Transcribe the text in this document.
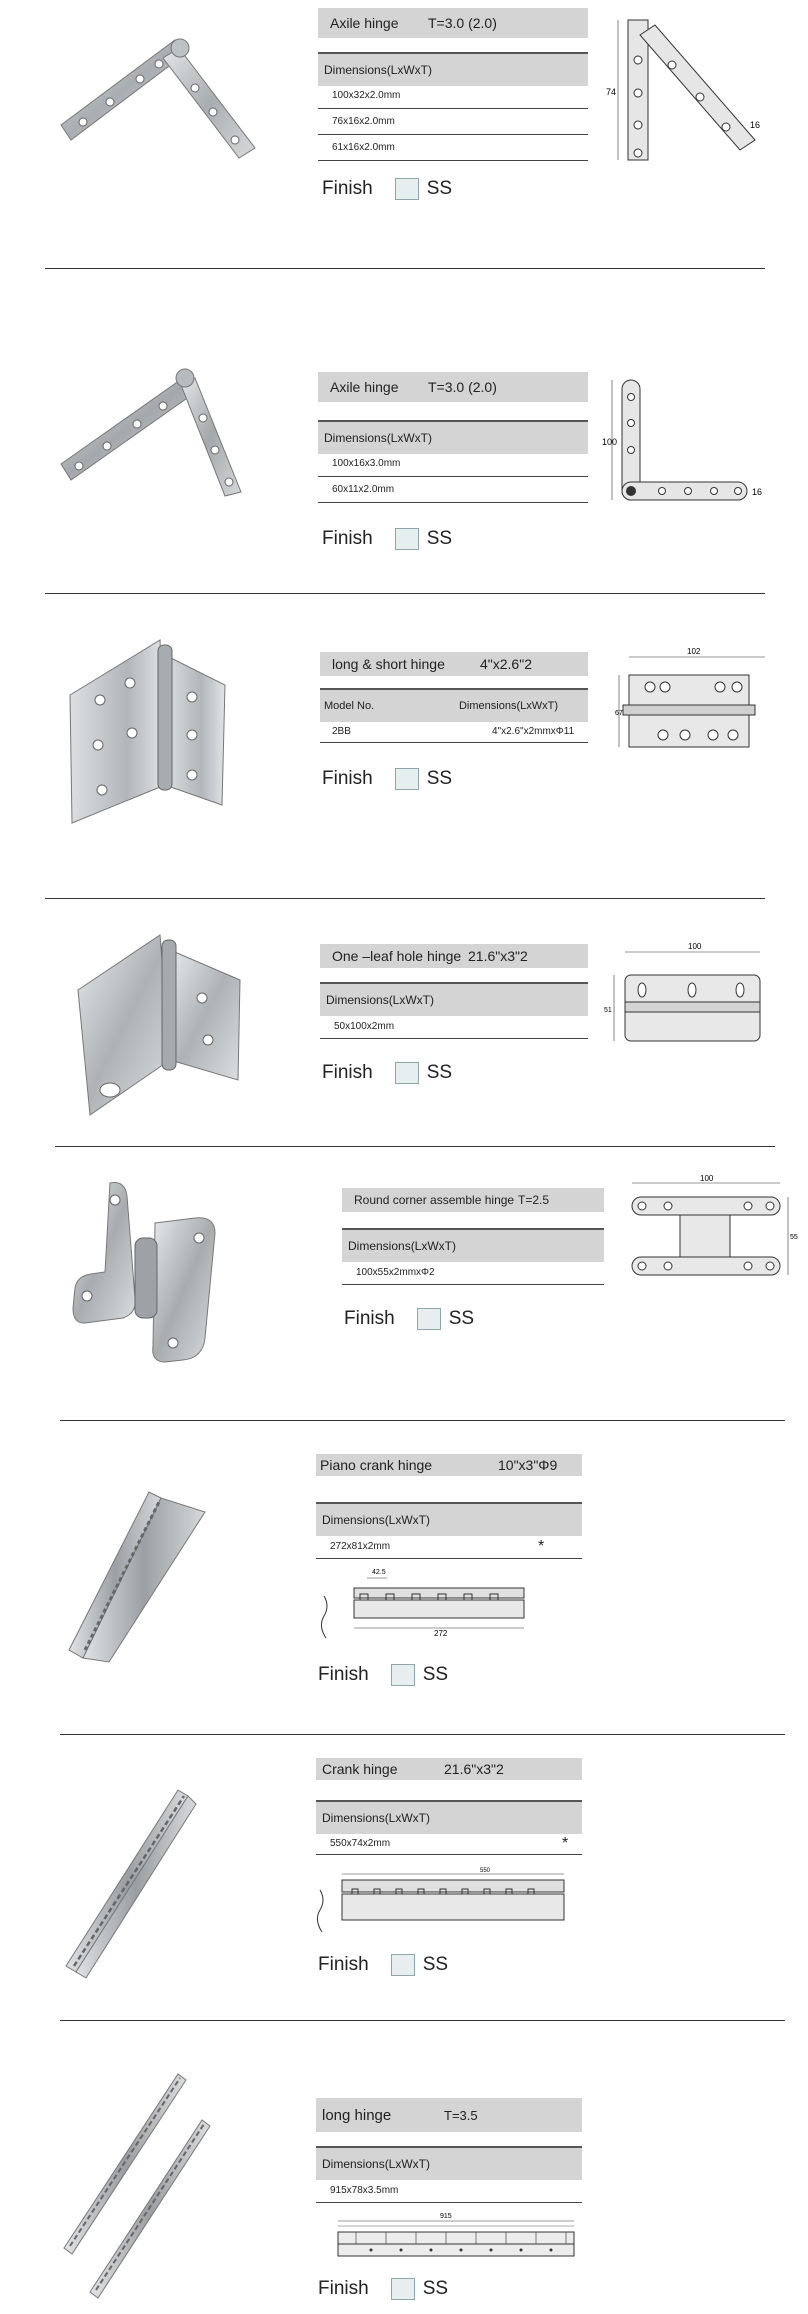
Axile hinge T=3.0 (2.0)
Dimensions(LxWxT)
100x32x2.0mm
76x16x2.0mm
61x16x2.0mm
Finish	SS
74
16
Axile hinge T=3.0 (2.0)
Dimensions(LxWxT)
100x16x3.0mm
60x11x2.0mm
Finish	SS
100
16
long & short hinge	4"x2.6"2
Model No.	Dimensions(LxWxT)
2BB	4"x2.6"x2mmxΦ11
Finish	SS
102
67
One –leaf hole hinge 21.6"x3"2
Dimensions(LxWxT)
50x100x2mm
Finish	SS
100
51
Round corner assemble hinge T=2.5
Dimensions(LxWxT)
100x55x2mmxΦ2
Finish	SS
100
55
Piano crank hinge	10"x3"Φ9
Dimensions(LxWxT)
272x81x2mm	*
42.5
272
Finish	SS
Crank hinge	21.6"x3"2
Dimensions(LxWxT)
550x74x2mm	*
550
Finish	SS
long hinge	T=3.5
Dimensions(LxWxT)
915x78x3.5mm
915
Finish	SS
